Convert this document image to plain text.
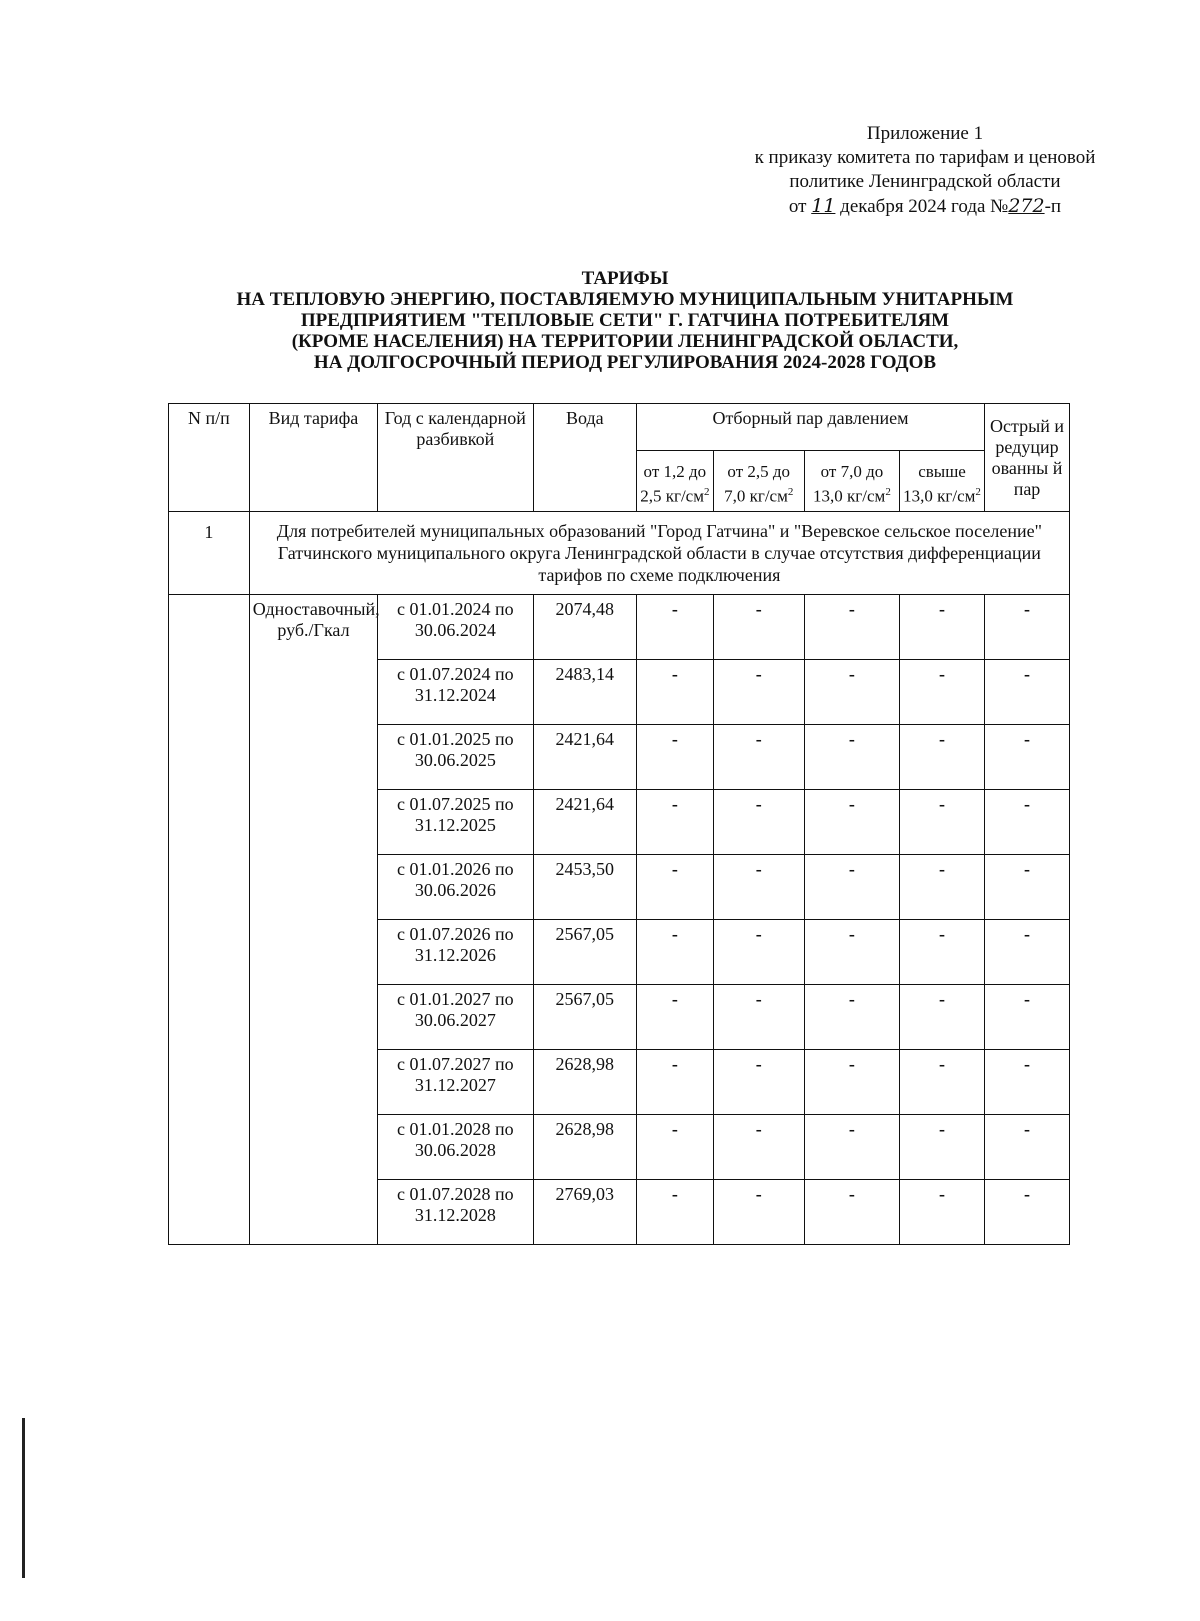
Приложение 1
к приказу комитета по тарифам и ценовой
политике Ленинградской области
от 11 декабря 2024 года №272-п
ТАРИФЫ
НА ТЕПЛОВУЮ ЭНЕРГИЮ, ПОСТАВЛЯЕМУЮ МУНИЦИПАЛЬНЫМ УНИТАРНЫМ
ПРЕДПРИЯТИЕМ "ТЕПЛОВЫЕ СЕТИ" Г. ГАТЧИНА ПОТРЕБИТЕЛЯМ
(КРОМЕ НАСЕЛЕНИЯ) НА ТЕРРИТОРИИ ЛЕНИНГРАДСКОЙ ОБЛАСТИ,
НА ДОЛГОСРОЧНЫЙ ПЕРИОД РЕГУЛИРОВАНИЯ 2024-2028 ГОДОВ
N п/п	Вид тарифа	Год с календарной разбивкой	Вода	Отборный пар давлением				Острый и редуцир ованны й пар
				от 1,2 до 2,5 $кг/см^2$	от 2,5 до 7,0 $кг/см^2$	от 7,0 до 13,0 $кг/см^2$	свыше 13,0 $кг/см^2$
1	Для потребителей муниципальных образований "Город Гатчина" и "Веревское сельское поселение" Гатчинского муниципального округа Ленинградской области в случае отсутствия дифференциации тарифов по схеме подключения							
	Одноставочный, руб./Гкал	с 01.01.2024 по 30.06.2024	2074,48	-	-	-	-	-
		с 01.07.2024 по 31.12.2024	2483,14	-	-	-	-	-
		с 01.01.2025 по 30.06.2025	2421,64	-	-	-	-	-
		с 01.07.2025 по 31.12.2025	2421,64	-	-	-	-	-
		с 01.01.2026 по 30.06.2026	2453,50	-	-	-	-	-
		с 01.07.2026 по 31.12.2026	2567,05	-	-	-	-	-
		с 01.01.2027 по 30.06.2027	2567,05	-	-	-	-	-
		с 01.07.2027 по 31.12.2027	2628,98	-	-	-	-	-
		с 01.01.2028 по 30.06.2028	2628,98	-	-	-	-	-
		с 01.07.2028 по 31.12.2028	2769,03	-	-	-	-	-
